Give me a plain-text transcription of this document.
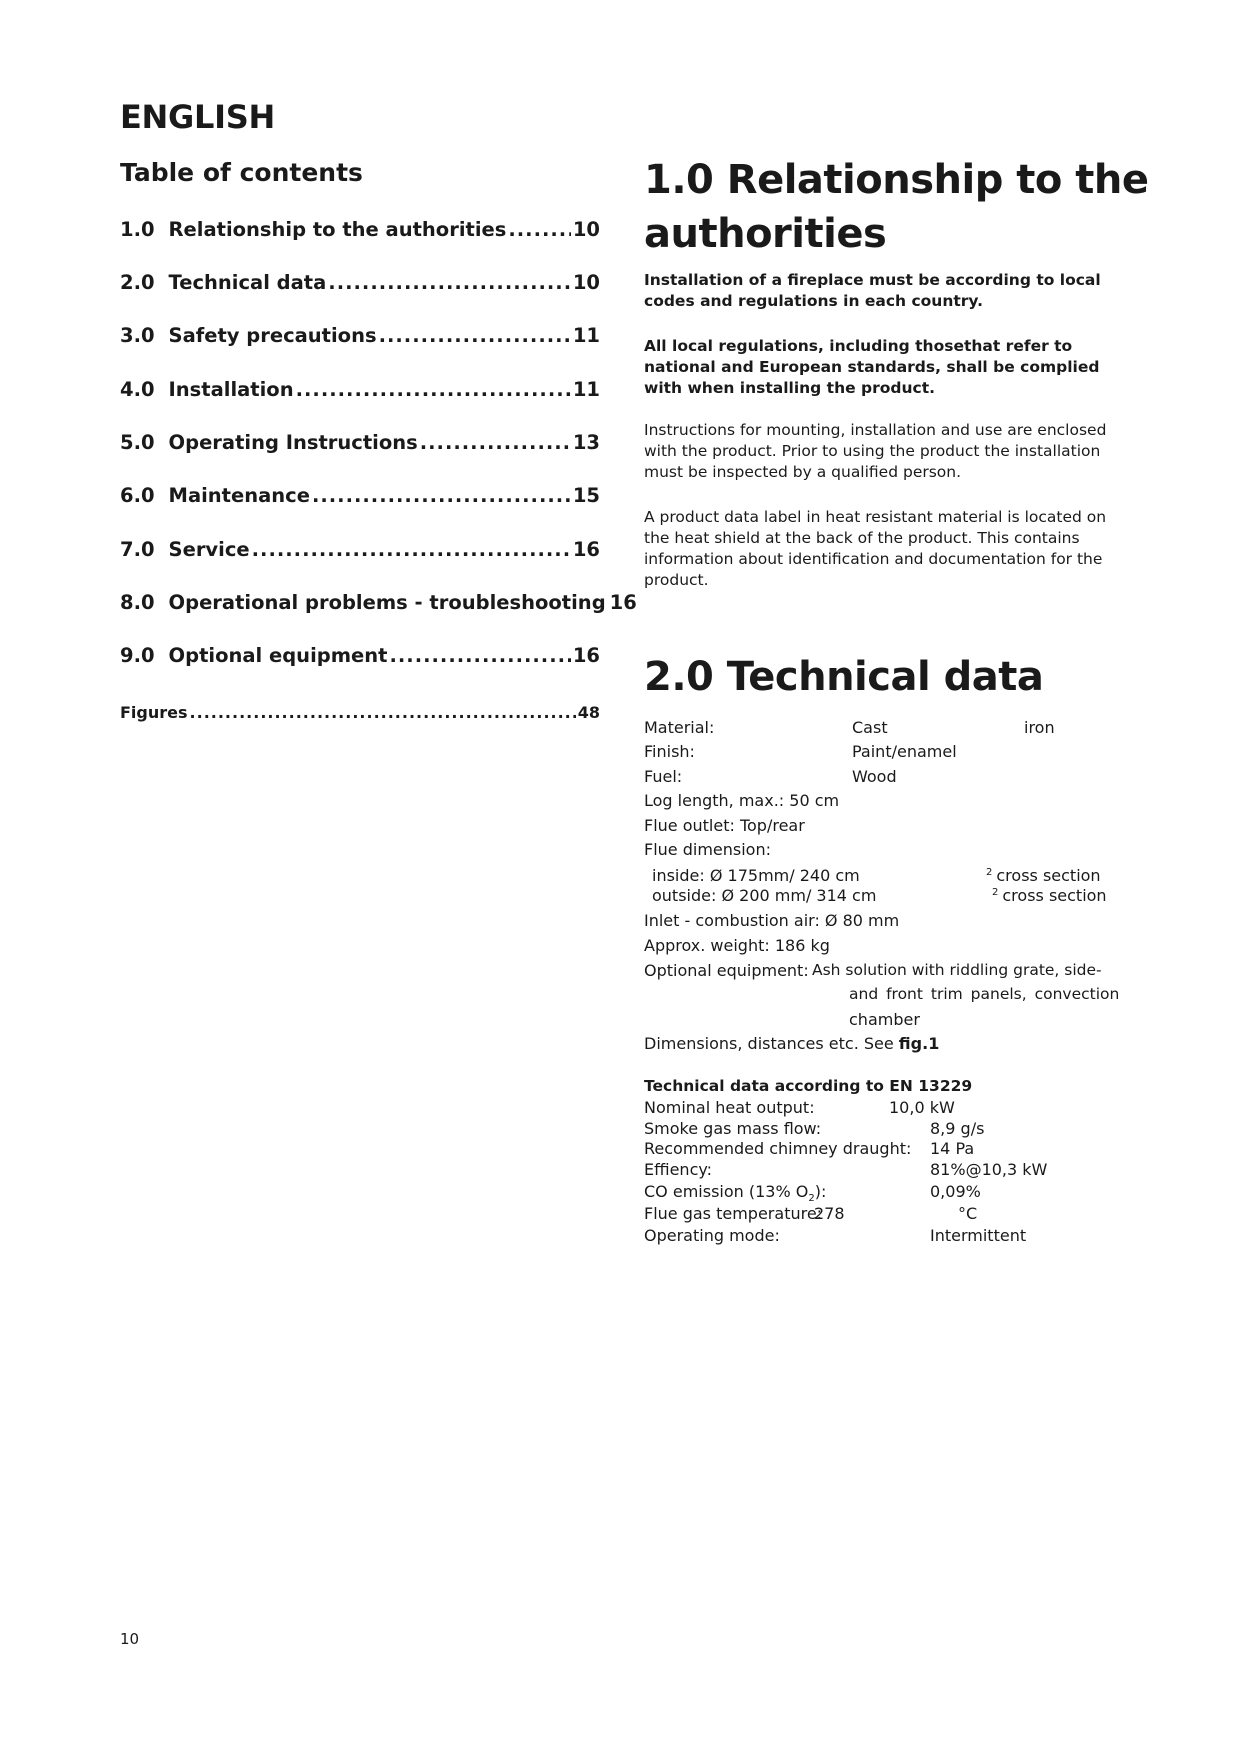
ENGLISH
Table of contents
1.0 Relationship to the authorities .....	10
2.0 Technical data .....	10
3.0 Safety precautions .....	11
4.0 Installation .....	11
5.0 Operating Instructions .....	13
6.0 Maintenance .....	15
7.0 Service .....	16
8.0 Operational problems - troubleshooting 16
9.0 Optional equipment .....	16
Figures .....	48
1.0 Relationship to the
authorities

Installation of a fireplace must be according to local codes and regulations in each country.

All local regulations, including thosethat refer to national and European standards, shall be complied with when installing the product.

Instructions for mounting, installation and use are enclosed with the product. Prior to using the product the installation must be inspected by a qualified person.

A product data label in heat resistant material is located on the heat shield at the back of the product. This contains information about identification and documentation for the product.

2.0 Technical data
Material:	Cast	iron
Finish:	Paint/enamel
Fuel:	Wood
Log length, max.: 50 cm
Flue outlet: Top/rear
Flue dimension:
inside: Ø 175mm/ 240 cm	$^2$ cross section
outside: Ø 200 mm/ 314 cm	$^2$ cross section
Inlet - combustion air: Ø 80 mm
Approx. weight: 186 kg
Optional equipment: Ash solution with riddling grate, side-
and front trim panels, convection
chamber
Dimensions, distances etc. See fig.1
Technical data according to EN 13229
Nominal heat output:	10,0 kW
Smoke gas mass flow:	8,9 g/s
Recommended chimney draught: 14 Pa
Effiency:	81%@10,3 kW
CO emission (13% $O_2$):	0,09%
Flue gas temperature:
278	°C
Operating mode:	Intermittent
10
